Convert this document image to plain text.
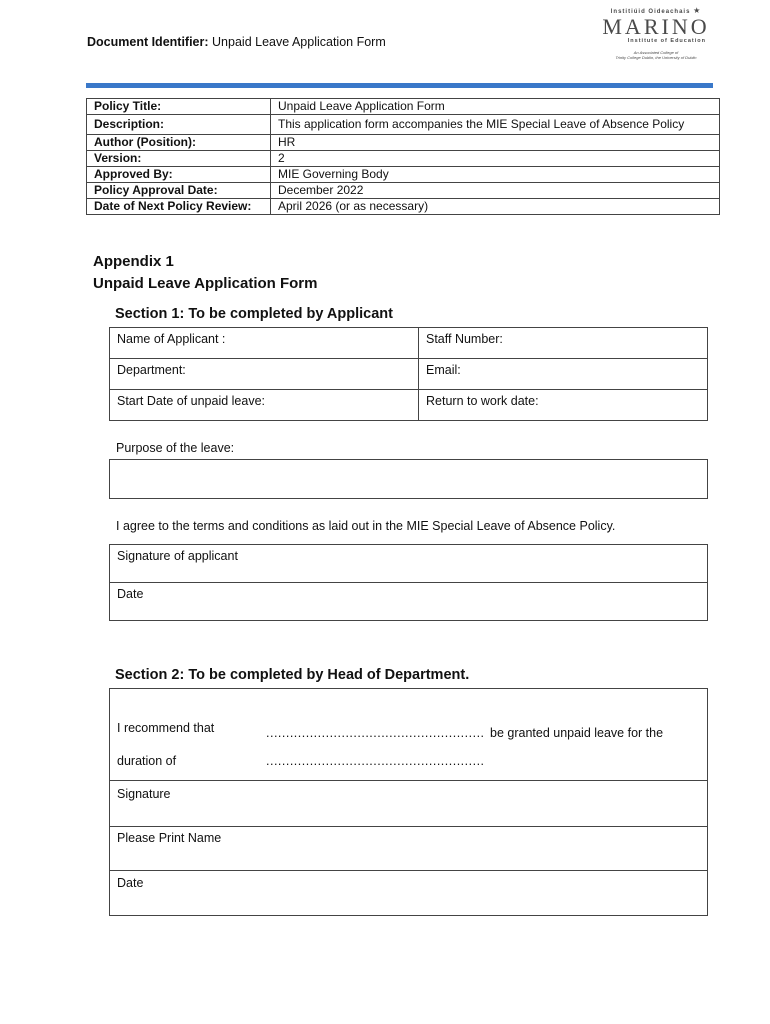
Document Identifier: Unpaid Leave Application Form
Institiúid Oideachais ★
MARINO
Institute of Education
An Associated College of
Trinity College Dublin, the University of Dublin
Policy Title:	Unpaid Leave Application Form
Description:	This application form accompanies the MIE Special Leave of Absence Policy
Author (Position):	HR
Version:	2
Approved By:	MIE Governing Body
Policy Approval Date:	December 2022
Date of Next Policy Review:	April 2026 (or as necessary)
Appendix 1
Unpaid Leave Application Form
Section 1: To be completed by Applicant
Name of Applicant :	Staff Number:
Department:	Email:
Start Date of unpaid leave:	Return to work date:
Purpose of the leave:
I agree to the terms and conditions as laid out in the MIE Special Leave of Absence Policy.
Signature of applicant
Date
Section 2: To be completed by Head of Department.
I recommend that	....................................................... be granted unpaid leave for the
duration of	.......................................................
Signature
Please Print Name
Date
